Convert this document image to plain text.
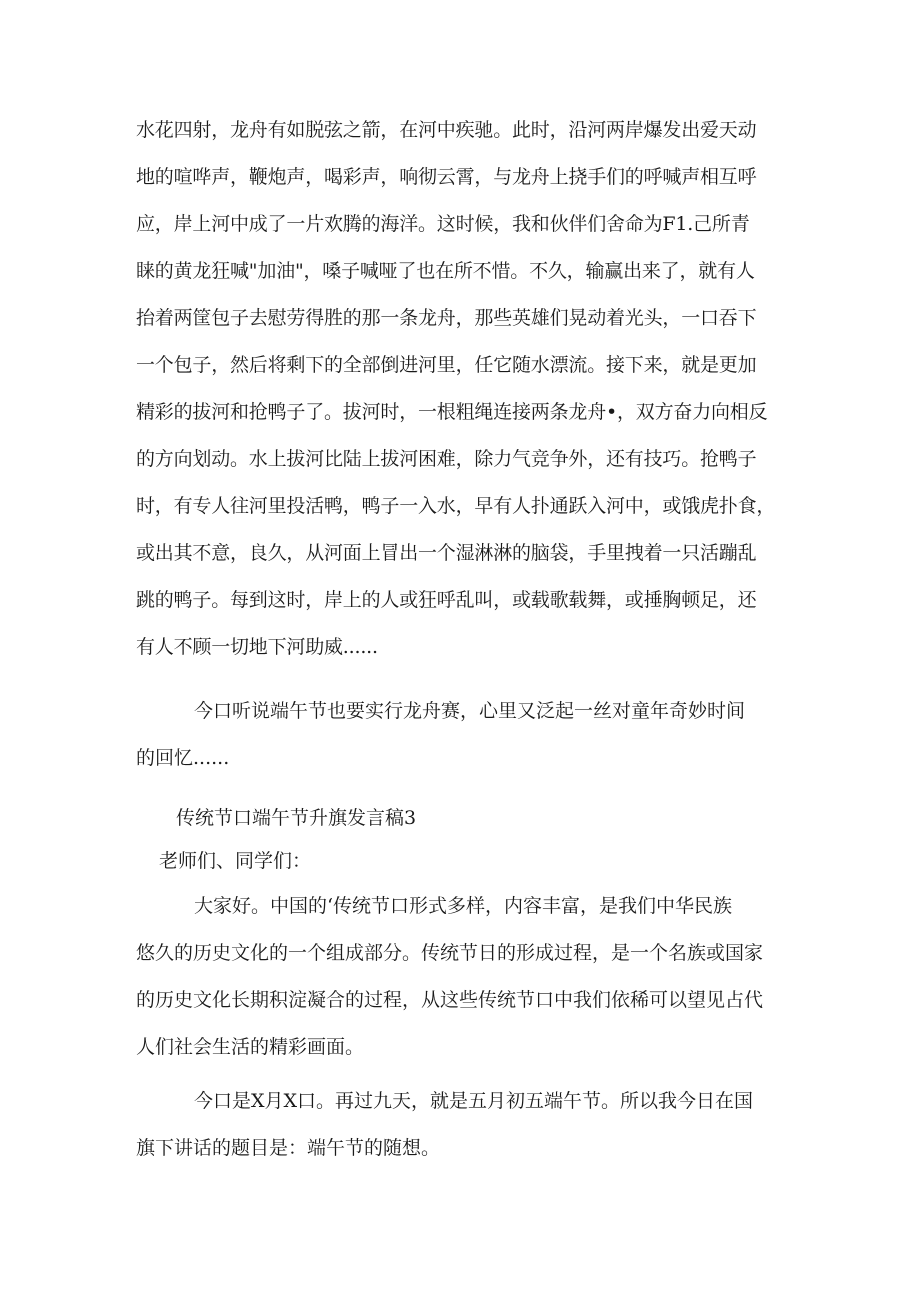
水花四射，龙舟有如脱弦之箭，在河中疾驰。此时，沿河两岸爆发出爱天动
地的喧哗声，鞭炮声，喝彩声，响彻云霄，与龙舟上挠手们的呼喊声相互呼
应，岸上河中成了一片欢腾的海洋。这时候，我和伙伴们舍命为F1.己所青
睐的黄龙狂喊"加油"，嗓子喊哑了也在所不惜。不久，输赢出来了，就有人
抬着两筐包子去慰劳得胜的那一条龙舟，那些英雄们晃动着光头，一口吞下
一个包子，然后将剩下的全部倒进河里，任它随水漂流。接下来，就是更加
精彩的拔河和抢鸭子了。拔河时，一根粗绳连接两条龙舟•，双方奋力向相反
的方向划动。水上拔河比陆上拔河困难，除力气竞争外，还有技巧。抢鸭子
时，有专人往河里投活鸭，鸭子一入水，早有人扑通跃入河中，或饿虎扑食，
或出其不意，良久，从河面上冒出一个湿淋淋的脑袋，手里拽着一只活蹦乱
跳的鸭子。每到这时，岸上的人或狂呼乱叫，或载歌载舞，或捶胸顿足，还
有人不顾一切地下河助威......
今口听说端午节也要实行龙舟赛，心里又泛起一丝对童年奇妙时间
的回忆......
传统节口端午节升旗发言稿3
老师们、同学们：
大家好。中国的‘传统节口形式多样，内容丰富，是我们中华民族
悠久的历史文化的一个组成部分。传统节日的形成过程，是一个名族或国家
的历史文化长期积淀凝合的过程，从这些传统节口中我们依稀可以望见占代
人们社会生活的精彩画面。
今口是X月X口。再过九天，就是五月初五端午节。所以我今日在国
旗下讲话的题目是：端午节的随想。
